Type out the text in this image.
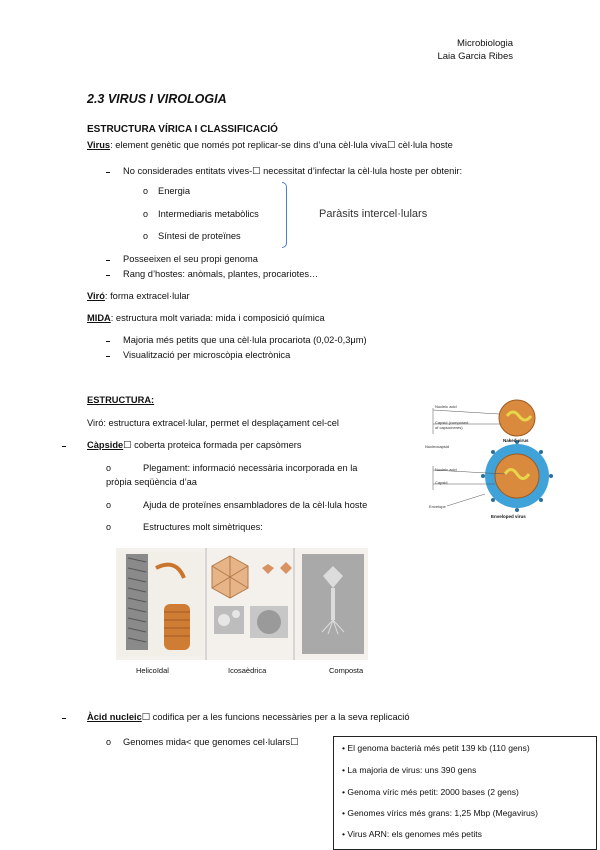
Microbiologia
Laia Garcia Ribes
2.3 VIRUS I VIROLOGIA
ESTRUCTURA VÍRICA I CLASSIFICACIÓ
Virus: element genètic que només pot replicar-se dins d’una cèl·lula viva☐ cèl·lula hoste
No considerades entitats vives-☐ necessitat d’infectar la cèl·lula hoste per obtenir:
o Energia
o Intermediaris metabòlics
o Síntesi de proteïnes
Paràsits intercel·lulars
Posseeixen el seu propi genoma
Rang d’hostes: anòmals, plantes, procariotes…
Viró: forma extracel·lular
MIDA: estructura molt variada: mida i composició química
Majoria més petits que una cèl·lula procariota (0,02-0,3μm)
Visualització per microscòpia electrònica
ESTRUCTURA:
Viró: estructura extracel·lular, permet el desplaçament cel-cel
Càpside☐ coberta proteica formada per capsòmers
o	Plegament: informació necessària incorporada en la
pròpia seqüència d’aa
o	Ajuda de proteïnes ensambladores de la cèl·lula hoste
o	Estructures molt simètriques:
Nucleic acid
Capsid (composed of capsomeres)
Nucleocapsid
Nucleic acid
Capsid
Envelope
Naked virus
Enveloped virus
Helicoïdal	Icosaèdrica	Composta
Àcid nucleic☐ codifica per a les funcions necessàries per a la seva replicació
o Genomes mida< que genomes cel·lulars☐
• El genoma bacterià més petit 139 kb (110 gens)
• La majoria de virus: uns 390 gens
• Genoma víric més petit: 2000 bases (2 gens)
• Genomes vírics més grans: 1,25 Mbp (Megavirus)
• Virus ARN: els genomes més petits
